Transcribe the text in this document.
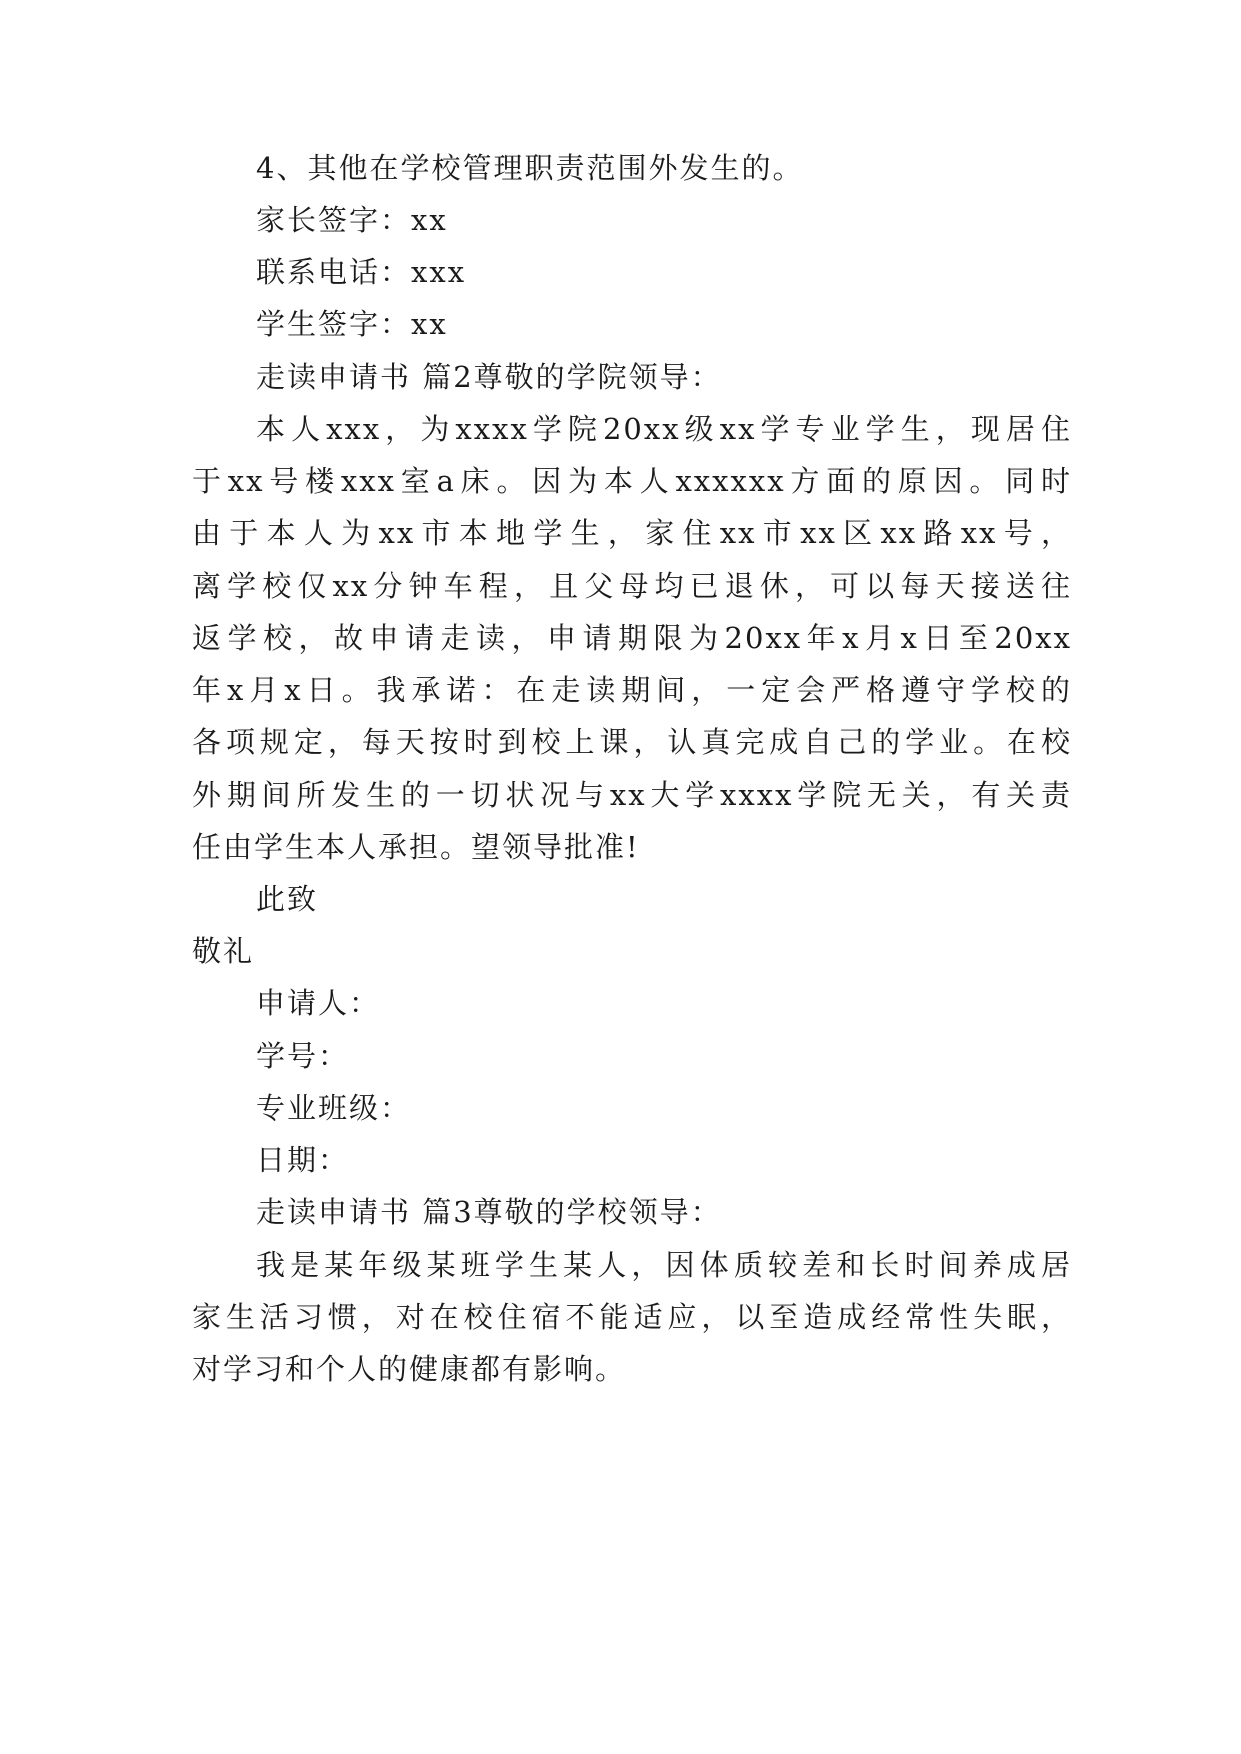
4、其他在学校管理职责范围外发生的。
家长签字：xx
联系电话：xxx
学生签字：xx
走读申请书 篇2尊敬的学院领导：
本人xxx，为xxxx学院20xx级xx学专业学生，现居住
于xx号楼xxx室a床。因为本人xxxxxx方面的原因。同时
由于本人为xx市本地学生，家住xx市xx区xx路xx号，
离学校仅xx分钟车程，且父母均已退休，可以每天接送往
返学校，故申请走读，申请期限为20xx年x月x日至20xx
年x月x日。我承诺：在走读期间，一定会严格遵守学校的
各项规定，每天按时到校上课，认真完成自己的学业。在校
外期间所发生的一切状况与xx大学xxxx学院无关，有关责
任由学生本人承担。望领导批准!
此致
敬礼
申请人：
学号：
专业班级：
日期：
走读申请书 篇3尊敬的学校领导：
我是某年级某班学生某人，因体质较差和长时间养成居
家生活习惯，对在校住宿不能适应，以至造成经常性失眠，
对学习和个人的健康都有影响。
